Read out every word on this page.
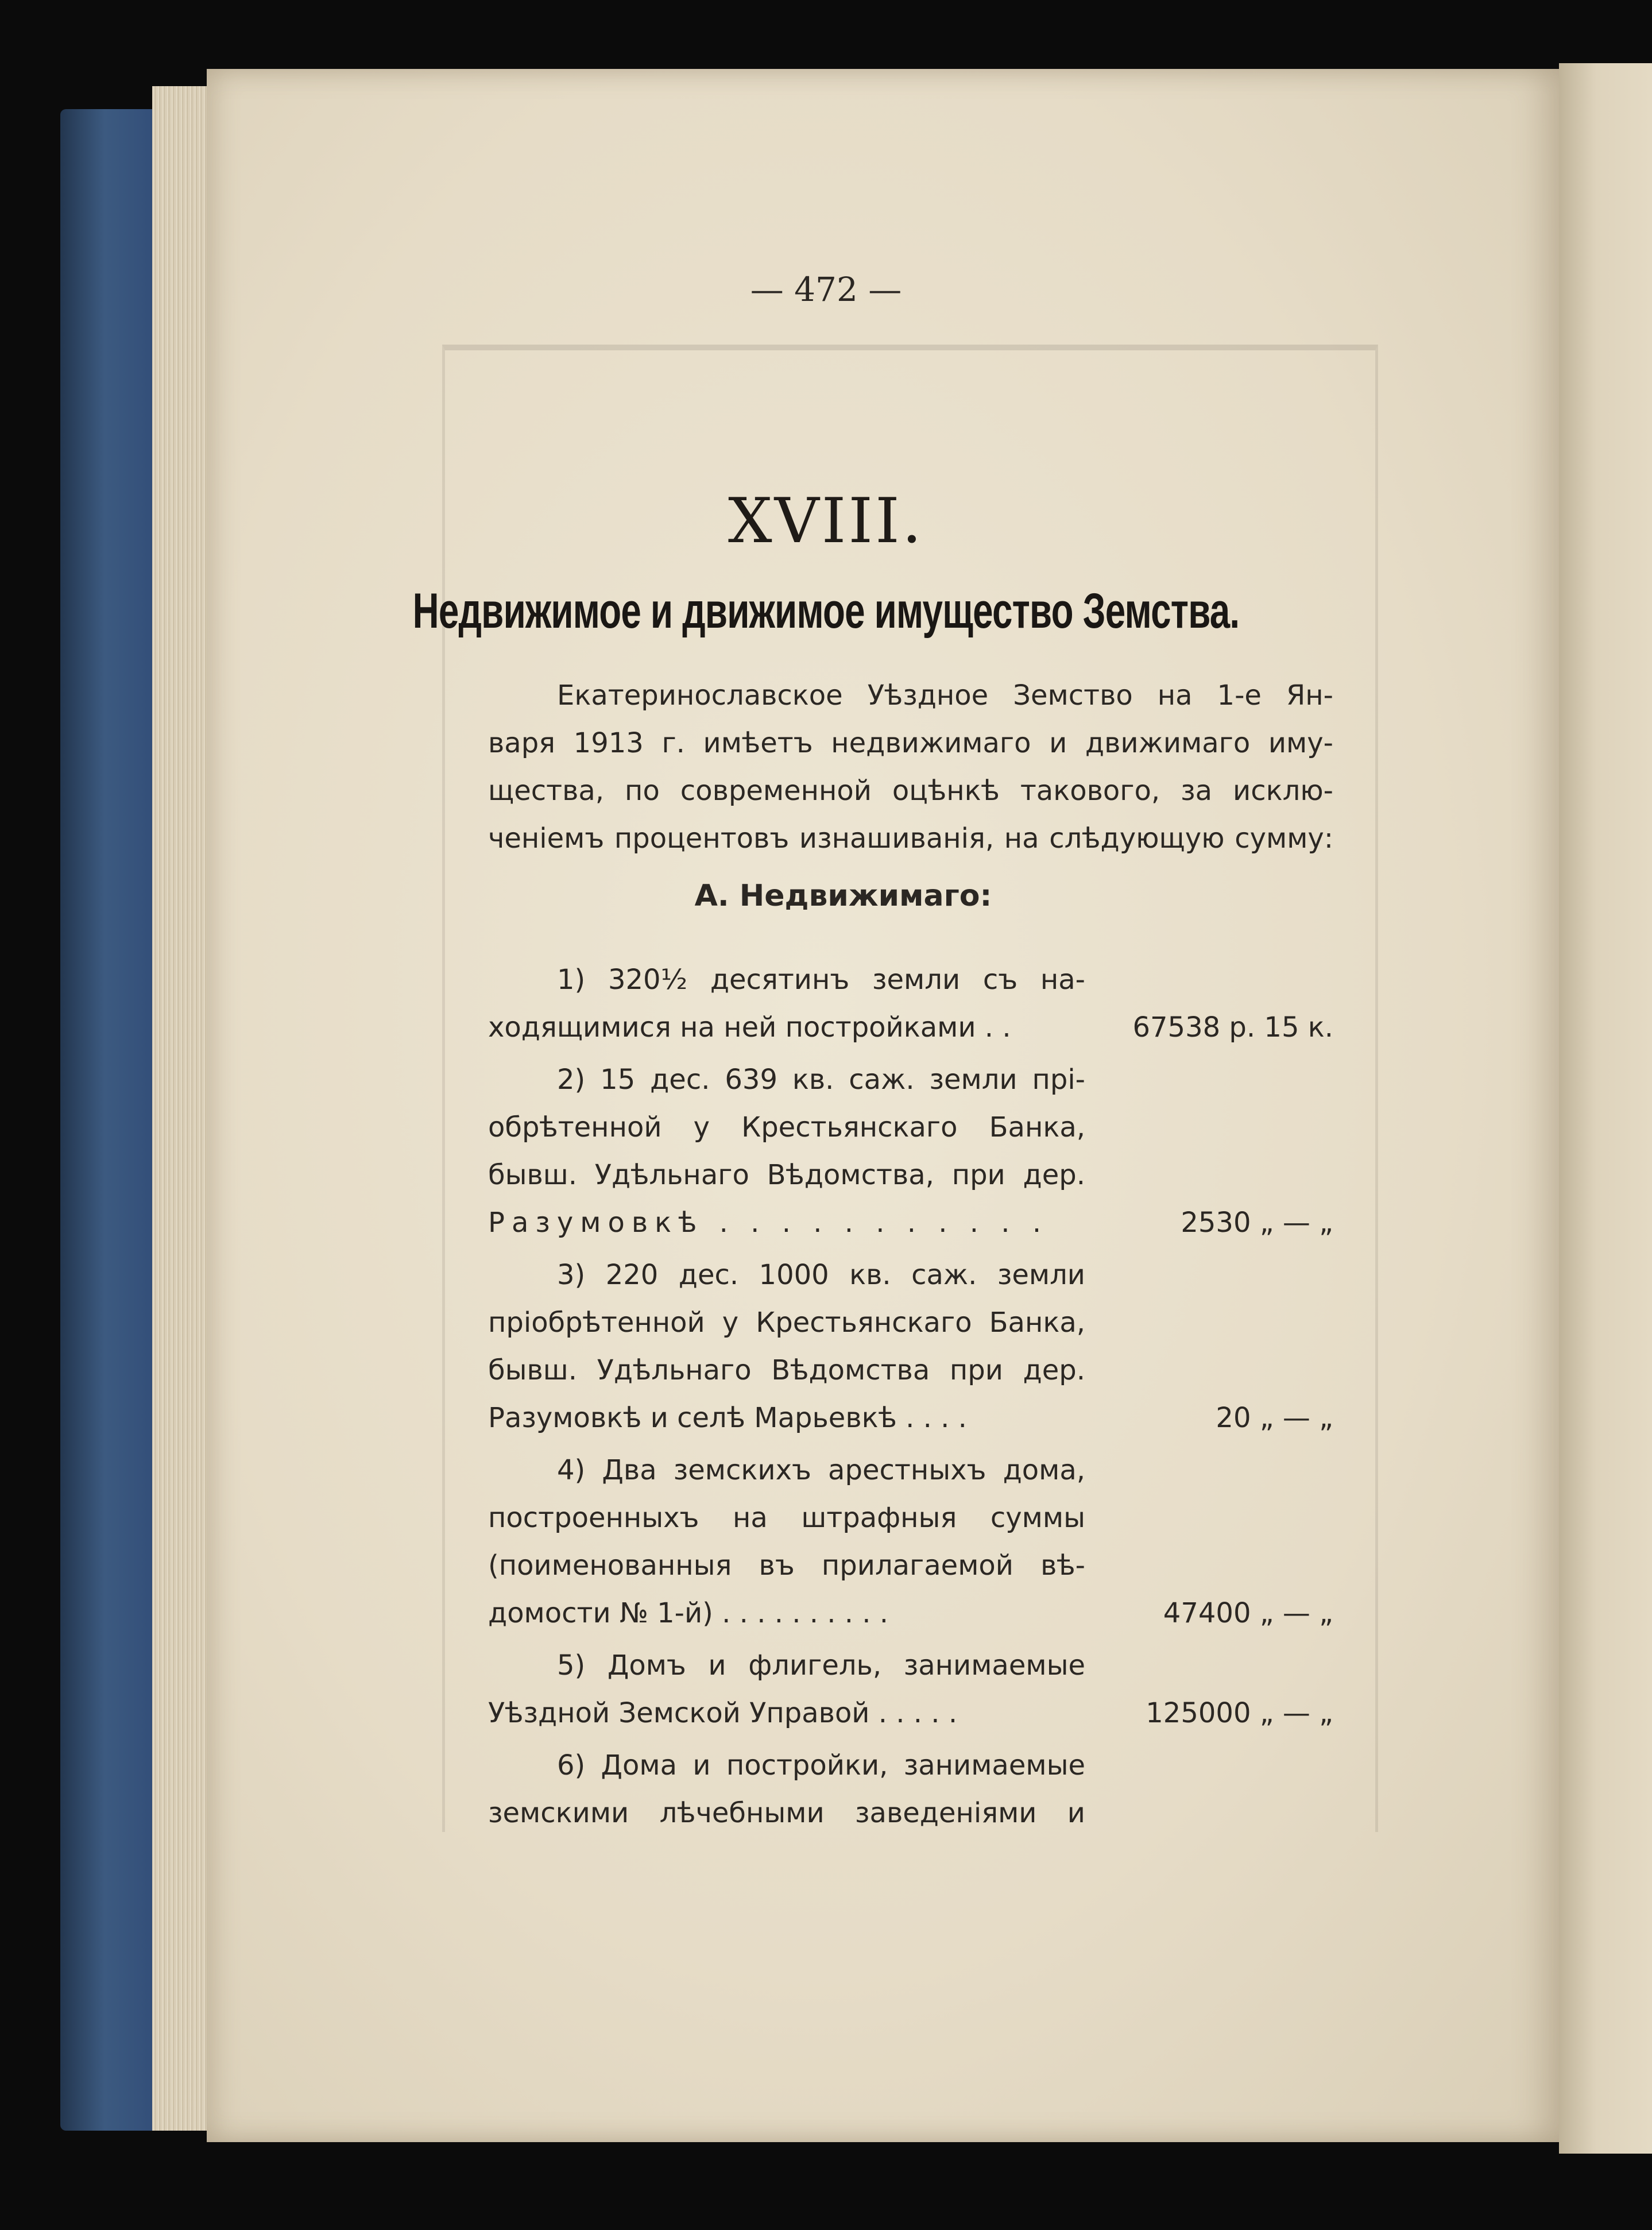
— 472 —
XVIII.
Недвижимое и движимое имущество Земства.
Екатеринославское Уѣздное Земство на 1-е Ян-
варя 1913 г. имѣетъ недвижимаго и движимаго иму-
щества, по современной оцѣнкѣ такового, за исклю-
ченіемъ процентовъ изнашиванія, на слѣдующую сумму:
А. Недвижимаго:
1) 320½ десятинъ земли съ на-
ходящимися на ней постройками . .	67538 р. 15 к.
2) 15 дес. 639 кв. саж. земли прі-
обрѣтенной у Крестьянскаго Банка,
бывш. Удѣльнаго Вѣдомства, при дер.
Разумовкѣ . . . . . . . . . . .	2530 „ — „
3) 220 дес. 1000 кв. саж. земли
пріобрѣтенной у Крестьянскаго Банка,
бывш. Удѣльнаго Вѣдомства при дер.
Разумовкѣ и селѣ Марьевкѣ . . . .	20 „ — „
4) Два земскихъ арестныхъ дома,
построенныхъ на штрафныя суммы
(поименованныя въ прилагаемой вѣ-
домости № 1-й) . . . . . . . . . .	47400 „ — „
5) Домъ и флигель, занимаемые
Уѣздной Земской Управой . . . . .	125000 „ — „
6) Дома и постройки, занимаемые
земскими лѣчебными заведеніями и
